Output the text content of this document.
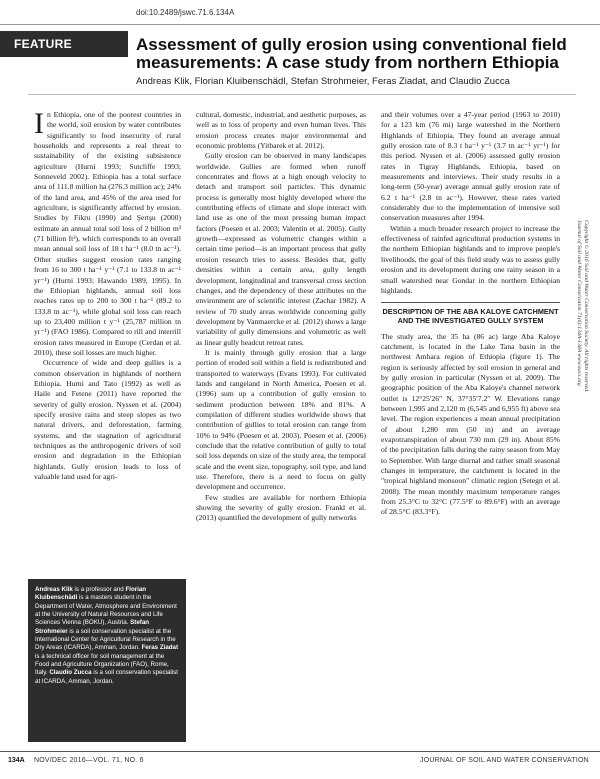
doi:10.2489/jswc.71.6.134A
FEATURE	Assessment of gully erosion using conventional field measurements: A case study from northern Ethiopia
Andreas Klik, Florian Kluibenschädl, Stefan Strohmeier, Feras Ziadat, and Claudio Zucca

In Ethiopia, one of the poorest countries in the world, soil erosion by water contributes significantly to food insecurity of rural households and represents a real threat to sustainability of the existing subsistence agriculture (Hurni 1993; Sutcliffe 1993; Sonneveld 2002). Ethiopia has a total surface area of 111.8 million ha (276.3 million ac); 24% of the land area, and 45% of the area used for agriculture, is significantly affected by erosion. Studies by Fikru (1990) and Şertşu (2000) estimate an annual total soil loss of 2 billion m³ (71 billion ft³), which corresponds to an overall mean annual soil loss of 18 t ha⁻¹ (8.0 tn ac⁻¹). Other studies suggest erosion rates ranging from 16 to 300 t ha⁻¹ y⁻¹ (7.1 to 133.8 tn ac⁻¹ yr⁻¹) (Hurni 1993; Hawando 1989, 1995). In the Ethiopian highlands, annual soil loss reaches rates up to 200 to 300 t ha⁻¹ (89.2 to 133.8 tn ac⁻¹), while global soil loss can reach up to 23,400 million t y⁻¹ (25,787 million tn yr⁻¹) (FAO 1986). Compared to rill and interrill erosion rates measured in Europe (Cerdan et al. 2010), these soil losses are much higher.

Occurrence of wide and deep gullies is a common observation in highlands of northern Ethiopia. Hurni and Tato (1992) as well as Haile and Fetene (2011) have reported the severity of gully erosion. Nyssen et al. (2004) specify erosive rains and steep slopes as two natural drivers, and deforestation, farming systems, and the stagnation of agricultural techniques as the anthropogenic drivers of soil erosion and degradation in the Ethiopian highlands. Gully erosion leads to loss of valuable land used for agri-

Andreas Klik is a professor and Florian Kluibenschädl is a masters student in the Department of Water, Atmosphere and Environment at the University of Natural Resources and Life Sciences Vienna (BOKU), Austria. Stefan Strohmeier is a soil conservation specialist at the International Center for Agricultural Research in the Dry Areas (ICARDA), Amman, Jordan. Feras Ziadat is a technical officer for soil management at the Food and Agriculture Organization (FAO), Rome, Italy. Claudio Zucca is a soil conservation specialist at ICARDA, Amman, Jordan.

cultural, domestic, industrial, and aesthetic purposes, as well as to loss of property and even human lives. This erosion process creates major environmental and economic problems (Yitbarek et al. 2012).

Gully erosion can be observed in many landscapes worldwide. Gullies are formed when runoff concentrates and flows at a high enough velocity to detach and transport soil particles. This dynamic process is generally most highly developed where the contributing effects of climate and slope interact with land use as one of the most pressing human impact factors (Poesen et al. 2003; Valentin et al. 2005). Gully growth—expressed as volumetric changes within a certain time period—is an important process that gully erosion research tries to assess. Besides that, gully densities within a certain area, gully length development, longitudinal and transversal cross section changes, and the dependency of these attributes on the environment are of scientific interest (Zachar 1982). A review of 70 study areas worldwide concerning gully development by Vanmaercke et al. (2012) shows a large variability of gully dimensions and volumetric as well as linear gully headcut retreat rates.

It is mainly through gully erosion that a large portion of eroded soil within a field is redistributed and transported to waterways (Evans 1993). For cultivated lands and rangeland in North America, Poesen et al. (1996) sum up a contribution of gully erosion to sediment production between 18% and 81%. A compilation of different studies worldwide shows that contribution of gullies to total erosion can range from 10% to 94% (Poesen et al. 2003). Poesen et al. (2006) conclude that the relative contribution of gully to total soil loss depends on size of the study area, the temporal scale and the event size, topography, soil type, and land use. Therefore, there is a need to focus on gully development and occurrence.

Few studies are available for northern Ethiopia showing the severity of gully erosion. Frankl et al. (2013) quantified the development of gully networks

and their volumes over a 47-year period (1963 to 2010) for a 123 km (76 mi) large watershed in the Northern Highlands of Ethiopia. They found an average annual gully erosion rate of 8.3 t ha⁻¹ y⁻¹ (3.7 tn ac⁻¹ yr⁻¹) for this period. Nyssen et al. (2006) assessed gully erosion rates in Tigray Highlands, Ethiopia, based on measurements and interviews. Their study results in a long-term (50-year) average annual gully erosion rate of 6.2 t ha⁻¹ (2.8 tn ac⁻¹). However, these rates varied considerably due to the implementation of intensive soil conservation measures after 1994.

Within a much broader research project to increase the effectiveness of rainfed agricultural production systems in the northern Ethiopian highlands and to improve people's livelihoods, the goal of this field study was to assess gully erosion and its development during one rainy season in a small watershed near Gondar in the northern Ethiopian highlands.

DESCRIPTION OF THE ABA KALOYE CATCHMENT AND THE INVESTIGATED GULLY SYSTEM

The study area, the 35 ha (86 ac) large Aba Kaloye catchment, is located in the Lake Tana basin in the northwest Amhara region of Ethiopia (figure 1). The region is seriously affected by soil erosion in general and by gully erosion in particular (Nyssen et al. 2009). The geographic position of the Aba Kaloye's channel network outlet is 12°25′26″ N, 37°35′7.2″ W. Elevations range between 1,995 and 2,120 m (6,545 and 6,955 ft) above sea level. The region experiences a mean annual precipitation of about 1,280 mm (50 in) and an average evapotranspiration of about 730 mm (29 in). About 85% of the precipitation falls during the rainy season from May to September. With large diurnal and rather small seasonal changes in temperature, the catchment is located in the "tropical highland monsoon" climatic region (Setegn et al. 2008). The mean monthly maximum temperature ranges from 25.3°C to 32°C (77.5°F to 89.6°F) with an average of 28.5°C (83.3°F).

Copyright © 2016 Soil and Water Conservation Society. All rights reserved.
Journal of Soil and Water Conservation 71(6):134A-138A www.swcs.org
134A NOV/DEC 2016—VOL. 71, NO. 6	JOURNAL OF SOIL AND WATER CONSERVATION
